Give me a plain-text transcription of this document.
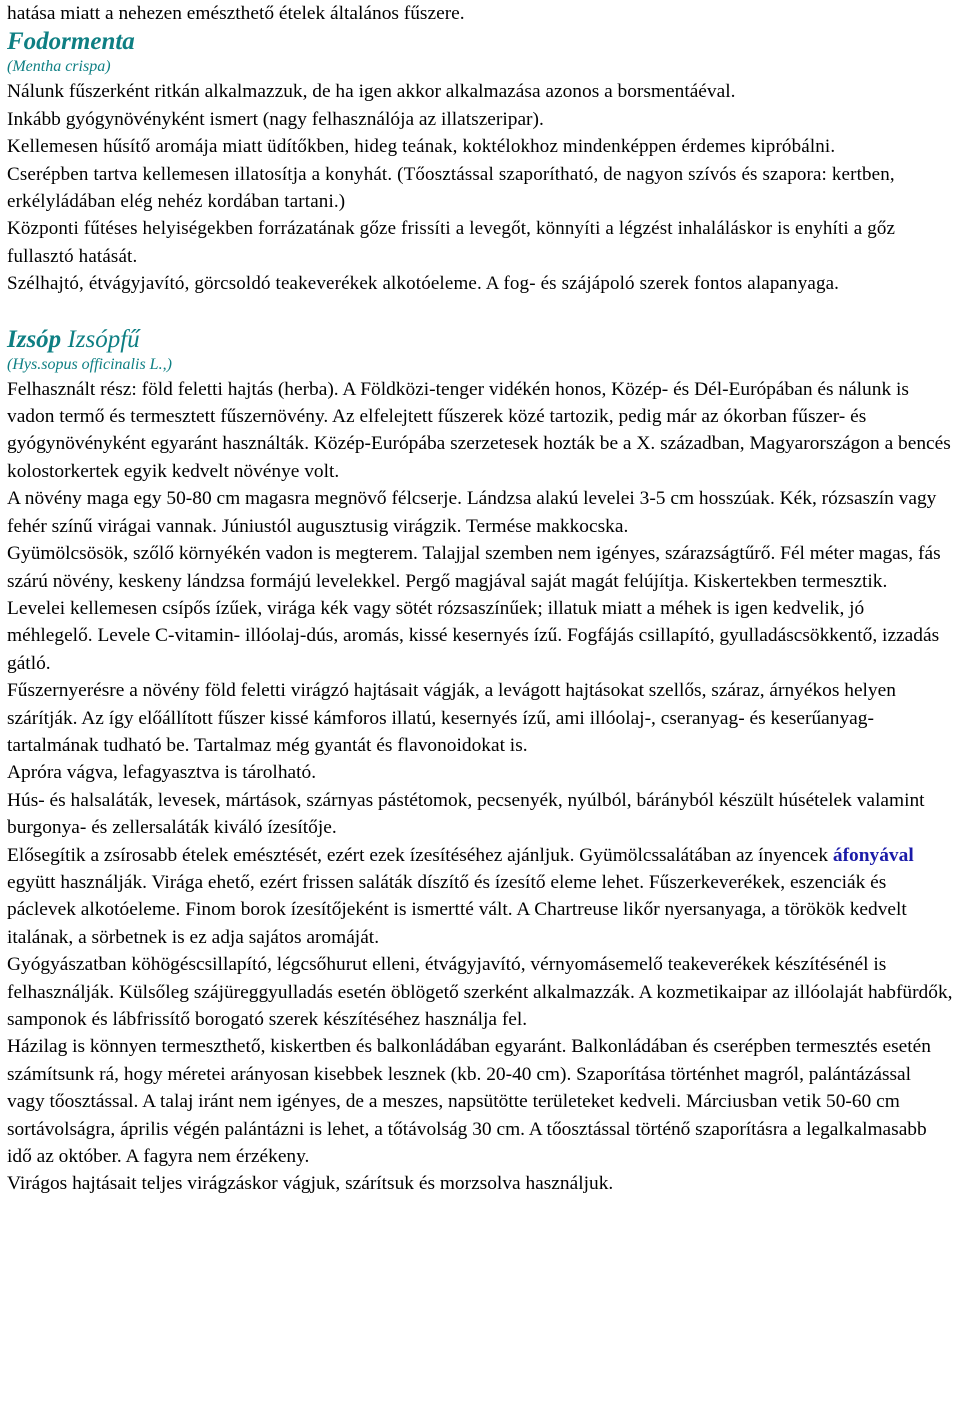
hatása miatt a nehezen emészthető ételek általános fűszere.

Fodormenta

(Mentha crispa)

Nálunk fűszerként ritkán alkalmazzuk, de ha igen akkor alkalmazása azonos a borsmentáéval.

Inkább gyógynövényként ismert (nagy felhasználója az illatszeripar).

Kellemesen hűsítő aromája miatt üdítőkben, hideg teának, koktélokhoz mindenképpen érdemes kipróbálni.

Cserépben tartva kellemesen illatosítja a konyhát. (Tőosztással szaporítható, de nagyon szívós és szapora: kertben, erkélyládában elég nehéz kordában tartani.)

Központi fűtéses helyiségekben forrázatának gőze frissíti a levegőt, könnyíti a légzést inhaláláskor is enyhíti a gőz fullasztó hatását.

Szélhajtó, étvágyjavító, görcsoldó teakeverékek alkotóeleme. A fog- és szájápoló szerek fontos alapanyaga.

Izsóp Izsópfű

(Hys.sopus officinalis L.,)

Felhasznált rész: föld feletti hajtás (herba). A Földközi-tenger vidékén honos, Közép- és Dél-Európában és nálunk is vadon termő és termesztett fűszernövény. Az elfelejtett fűszerek közé tartozik, pedig már az ókorban fűszer- és gyógynövényként egyaránt használták. Közép-Európába szerzetesek hozták be a X. században, Magyarországon a bencés kolostorkertek egyik kedvelt növénye volt.

A növény maga egy 50-80 cm magasra megnövő félcserje. Lándzsa alakú levelei 3-5 cm hosszúak. Kék, rózsaszín vagy fehér színű virágai vannak. Júniustól augusztusig virágzik. Termése makkocska.

Gyümölcsösök, szőlő környékén vadon is megterem. Talajjal szemben nem igényes, szárazságtűrő. Fél méter magas, fás szárú növény, keskeny lándzsa formájú levelekkel. Pergő magjával saját magát felújítja. Kiskertekben termesztik.

Levelei kellemesen csípős ízűek, virága kék vagy sötét rózsaszínűek; illatuk miatt a méhek is igen kedvelik, jó méhlegelő. Levele C-vitamin- illóolaj-dús, aromás, kissé kesernyés ízű. Fogfájás csillapító, gyulladáscsökkentő, izzadás gátló.

Fűszernyerésre a növény föld feletti virágzó hajtásait vágják, a levágott hajtásokat szellős, száraz, árnyékos helyen szárítják. Az így előállított fűszer kissé kámforos illatú, kesernyés ízű, ami illóolaj-, cseranyag- és keserűanyag-tartalmának tudható be. Tartalmaz még gyantát és flavonoidokat is.

Apróra vágva, lefagyasztva is tárolható.

Hús- és halsaláták, levesek, mártások, szárnyas pástétomok, pecsenyék, nyúlból, bárányból készült húsételek valamint burgonya- és zellersaláták kiváló ízesítője.

Elősegítik a zsírosabb ételek emésztését, ezért ezek ízesítéséhez ajánljuk. Gyümölcssalátában az ínyencek áfonyával együtt használják. Virága ehető, ezért frissen saláták díszítő és ízesítő eleme lehet. Fűszerkeverékek, eszenciák és páclevek alkotóeleme. Finom borok ízesítőjeként is ismertté vált. A Chartreuse likőr nyersanyaga, a törökök kedvelt italának, a sörbetnek is ez adja sajátos aromáját.

Gyógyászatban köhögéscsillapító, légcsőhurut elleni, étvágyjavító, vérnyomásemelő teakeverékek készítésénél is felhasználják. Külsőleg szájüreggyulladás esetén öblögető szerként alkalmazzák. A kozmetikaipar az illóolaját habfürdők, samponok és lábfrissítő borogató szerek készítéséhez használja fel.

Házilag is könnyen termeszthető, kiskertben és balkonládában egyaránt. Balkonládában és cserépben termesztés esetén számítsunk rá, hogy méretei arányosan kisebbek lesznek (kb. 20-40 cm). Szaporítása történhet magról, palántázással vagy tőosztással. A talaj iránt nem igényes, de a meszes, napsütötte területeket kedveli. Márciusban vetik 50-60 cm sortávolságra, április végén palántázni is lehet, a tőtávolság 30 cm. A tőosztással történő szaporításra a legalkalmasabb idő az október. A fagyra nem érzékeny.

Virágos hajtásait teljes virágzáskor vágjuk, szárítsuk és morzsolva használjuk.
